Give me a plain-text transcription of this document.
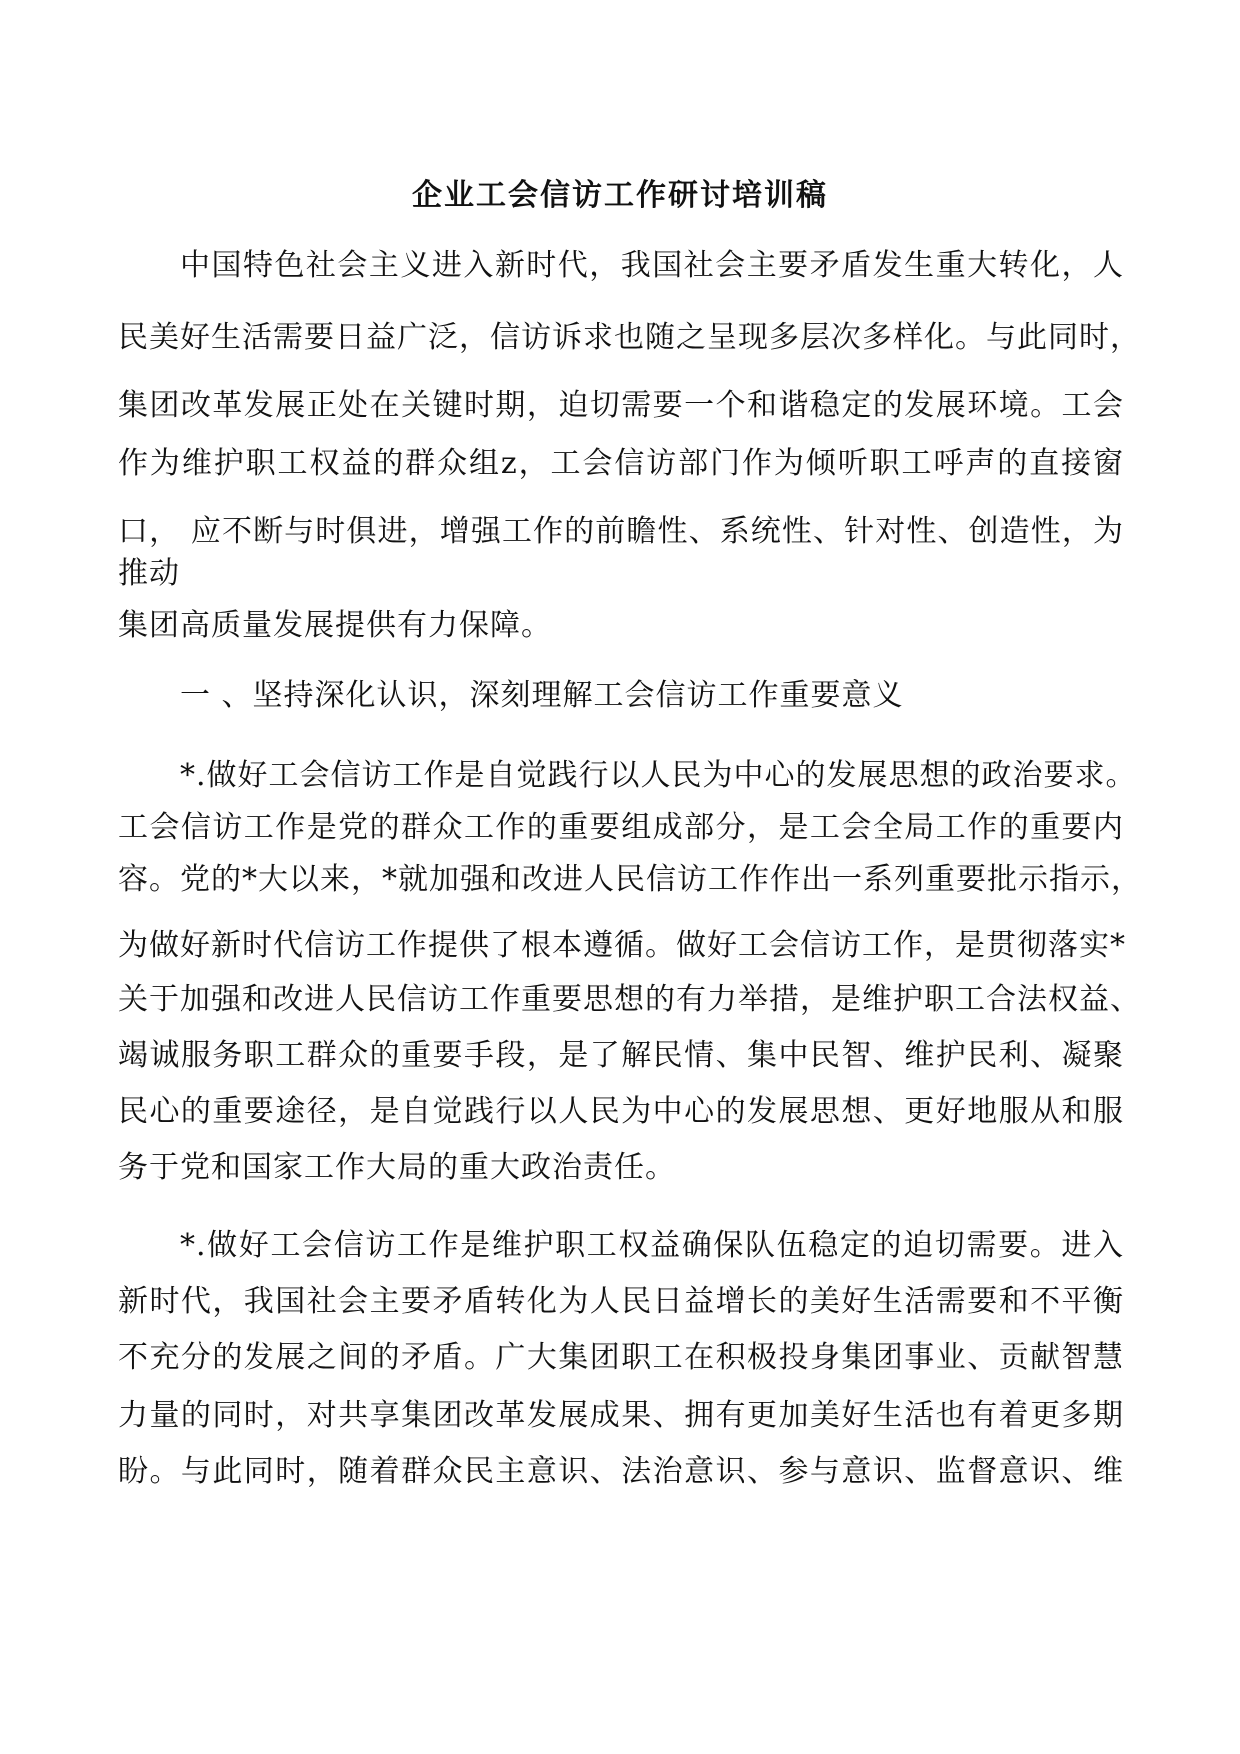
企业工会信访工作研讨培训稿
中国特色社会主义进入新时代，我国社会主要矛盾发生重大转化，人
民美好生活需要日益广泛，信访诉求也随之呈现多层次多样化。与此同时，
集团改革发展正处在关键时期，迫切需要一个和谐稳定的发展环境。工会
作为维护职工权益的群众组z，工会信访部门作为倾听职工呼声的直接窗
口， 应不断与时俱进，增强工作的前瞻性、系统性、针对性、创造性，为
推动
集团高质量发展提供有力保障。
一 、坚持深化认识，深刻理解工会信访工作重要意义
*.做好工会信访工作是自觉践行以人民为中心的发展思想的政治要求。
工会信访工作是党的群众工作的重要组成部分，是工会全局工作的重要内
容。党的*大以来，*就加强和改进人民信访工作作出一系列重要批示指示，
为做好新时代信访工作提供了根本遵循。做好工会信访工作，是贯彻落实*
关于加强和改进人民信访工作重要思想的有力举措，是维护职工合法权益、
竭诚服务职工群众的重要手段，是了解民情、集中民智、维护民利、凝聚
民心的重要途径，是自觉践行以人民为中心的发展思想、更好地服从和服
务于党和国家工作大局的重大政治责任。
*.做好工会信访工作是维护职工权益确保队伍稳定的迫切需要。进入
新时代，我国社会主要矛盾转化为人民日益增长的美好生活需要和不平衡
不充分的发展之间的矛盾。广大集团职工在积极投身集团事业、贡献智慧
力量的同时，对共享集团改革发展成果、拥有更加美好生活也有着更多期
盼。与此同时，随着群众民主意识、法治意识、参与意识、监督意识、维
